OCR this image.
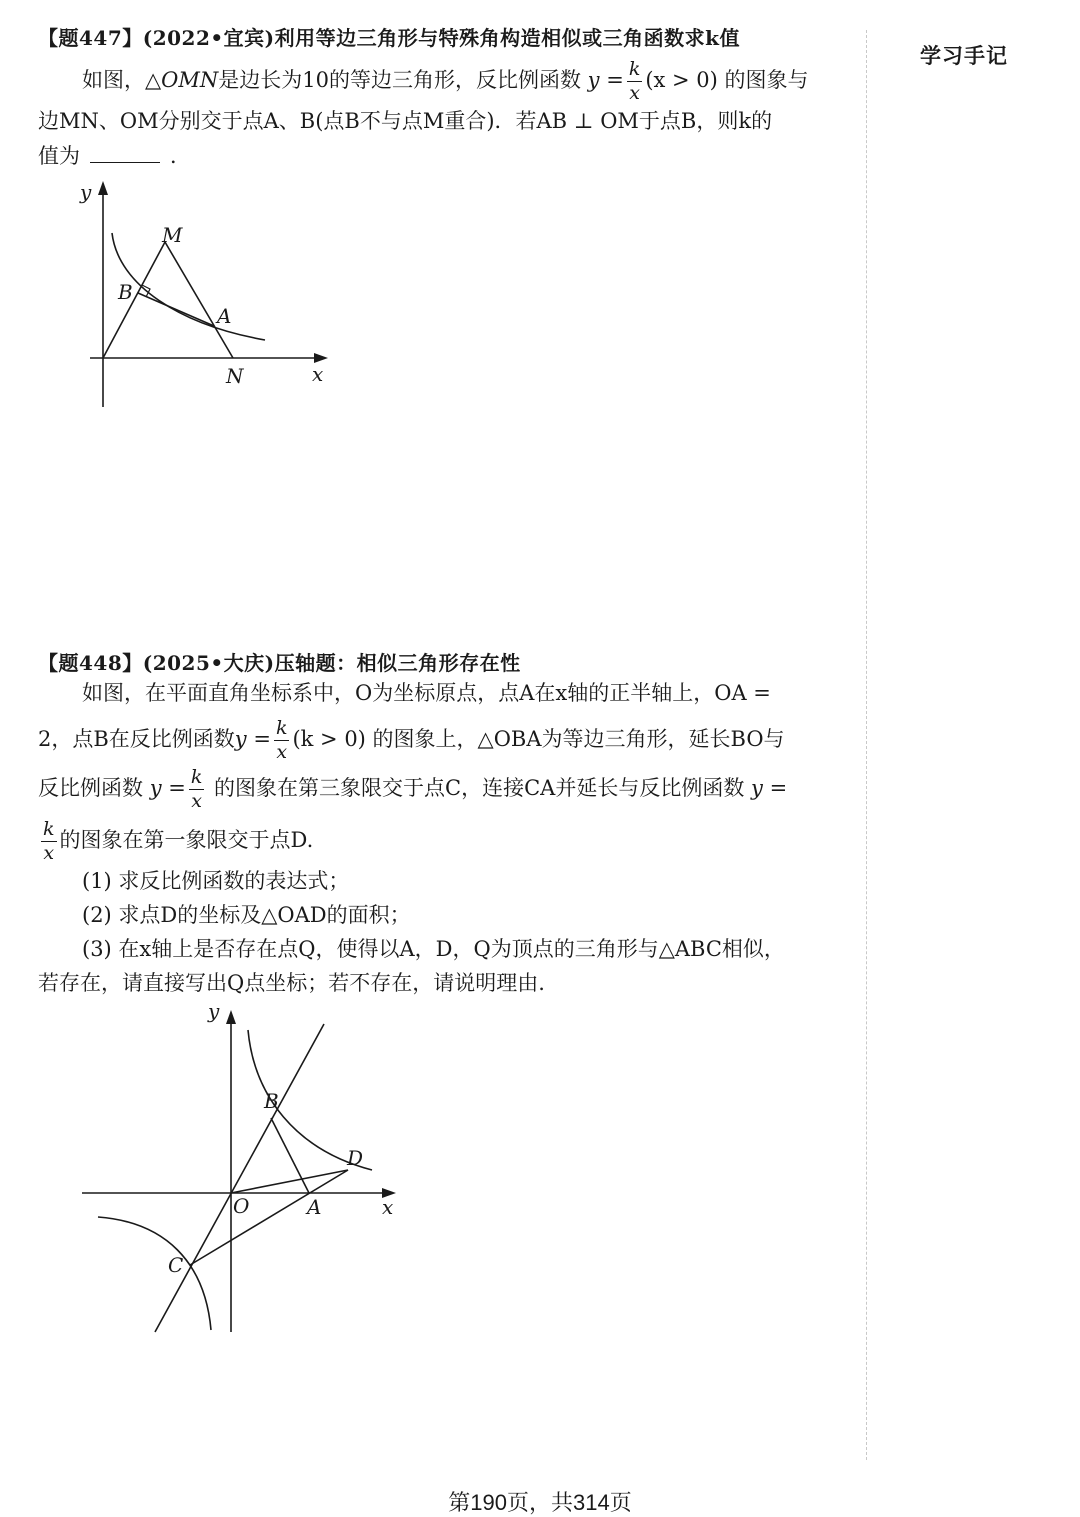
学习手记
【题447】(2022•宜宾)利用等边三角形与特殊角构造相似或三角函数求k值
如图，△OMN是边长为10的等边三角形，反比例函数 $y = \frac{k}{x} (x > 0)$ 的图象与
边MN、OM分别交于点A、B(点B不与点M重合)．若AB ⊥ OM于点B，则k的
值为	．
y
M
B
A
N	x
【题448】(2025•大庆)压轴题：相似三角形存在性
如图，在平面直角坐标系中，O为坐标原点，点A在x轴的正半轴上，OA =
2，点B在反比例函数$y = \frac{k}{x} (k > 0)$ 的图象上，△OBA为等边三角形，延长BO与
反比例函数 $y = \frac{k}{x}$ 的图象在第三象限交于点C，连接CA并延长与反比例函数 y =
$\frac{k}{x}$ 的图象在第一象限交于点D.
(1) 求反比例函数的表达式；
(2) 求点D的坐标及△OAD的面积；
(3) 在x轴上是否存在点Q，使得以A，D，Q为顶点的三角形与△ABC相似，
若存在，请直接写出Q点坐标；若不存在，请说明理由.
y
B
D
O	A	x
C
第190页，共314页
